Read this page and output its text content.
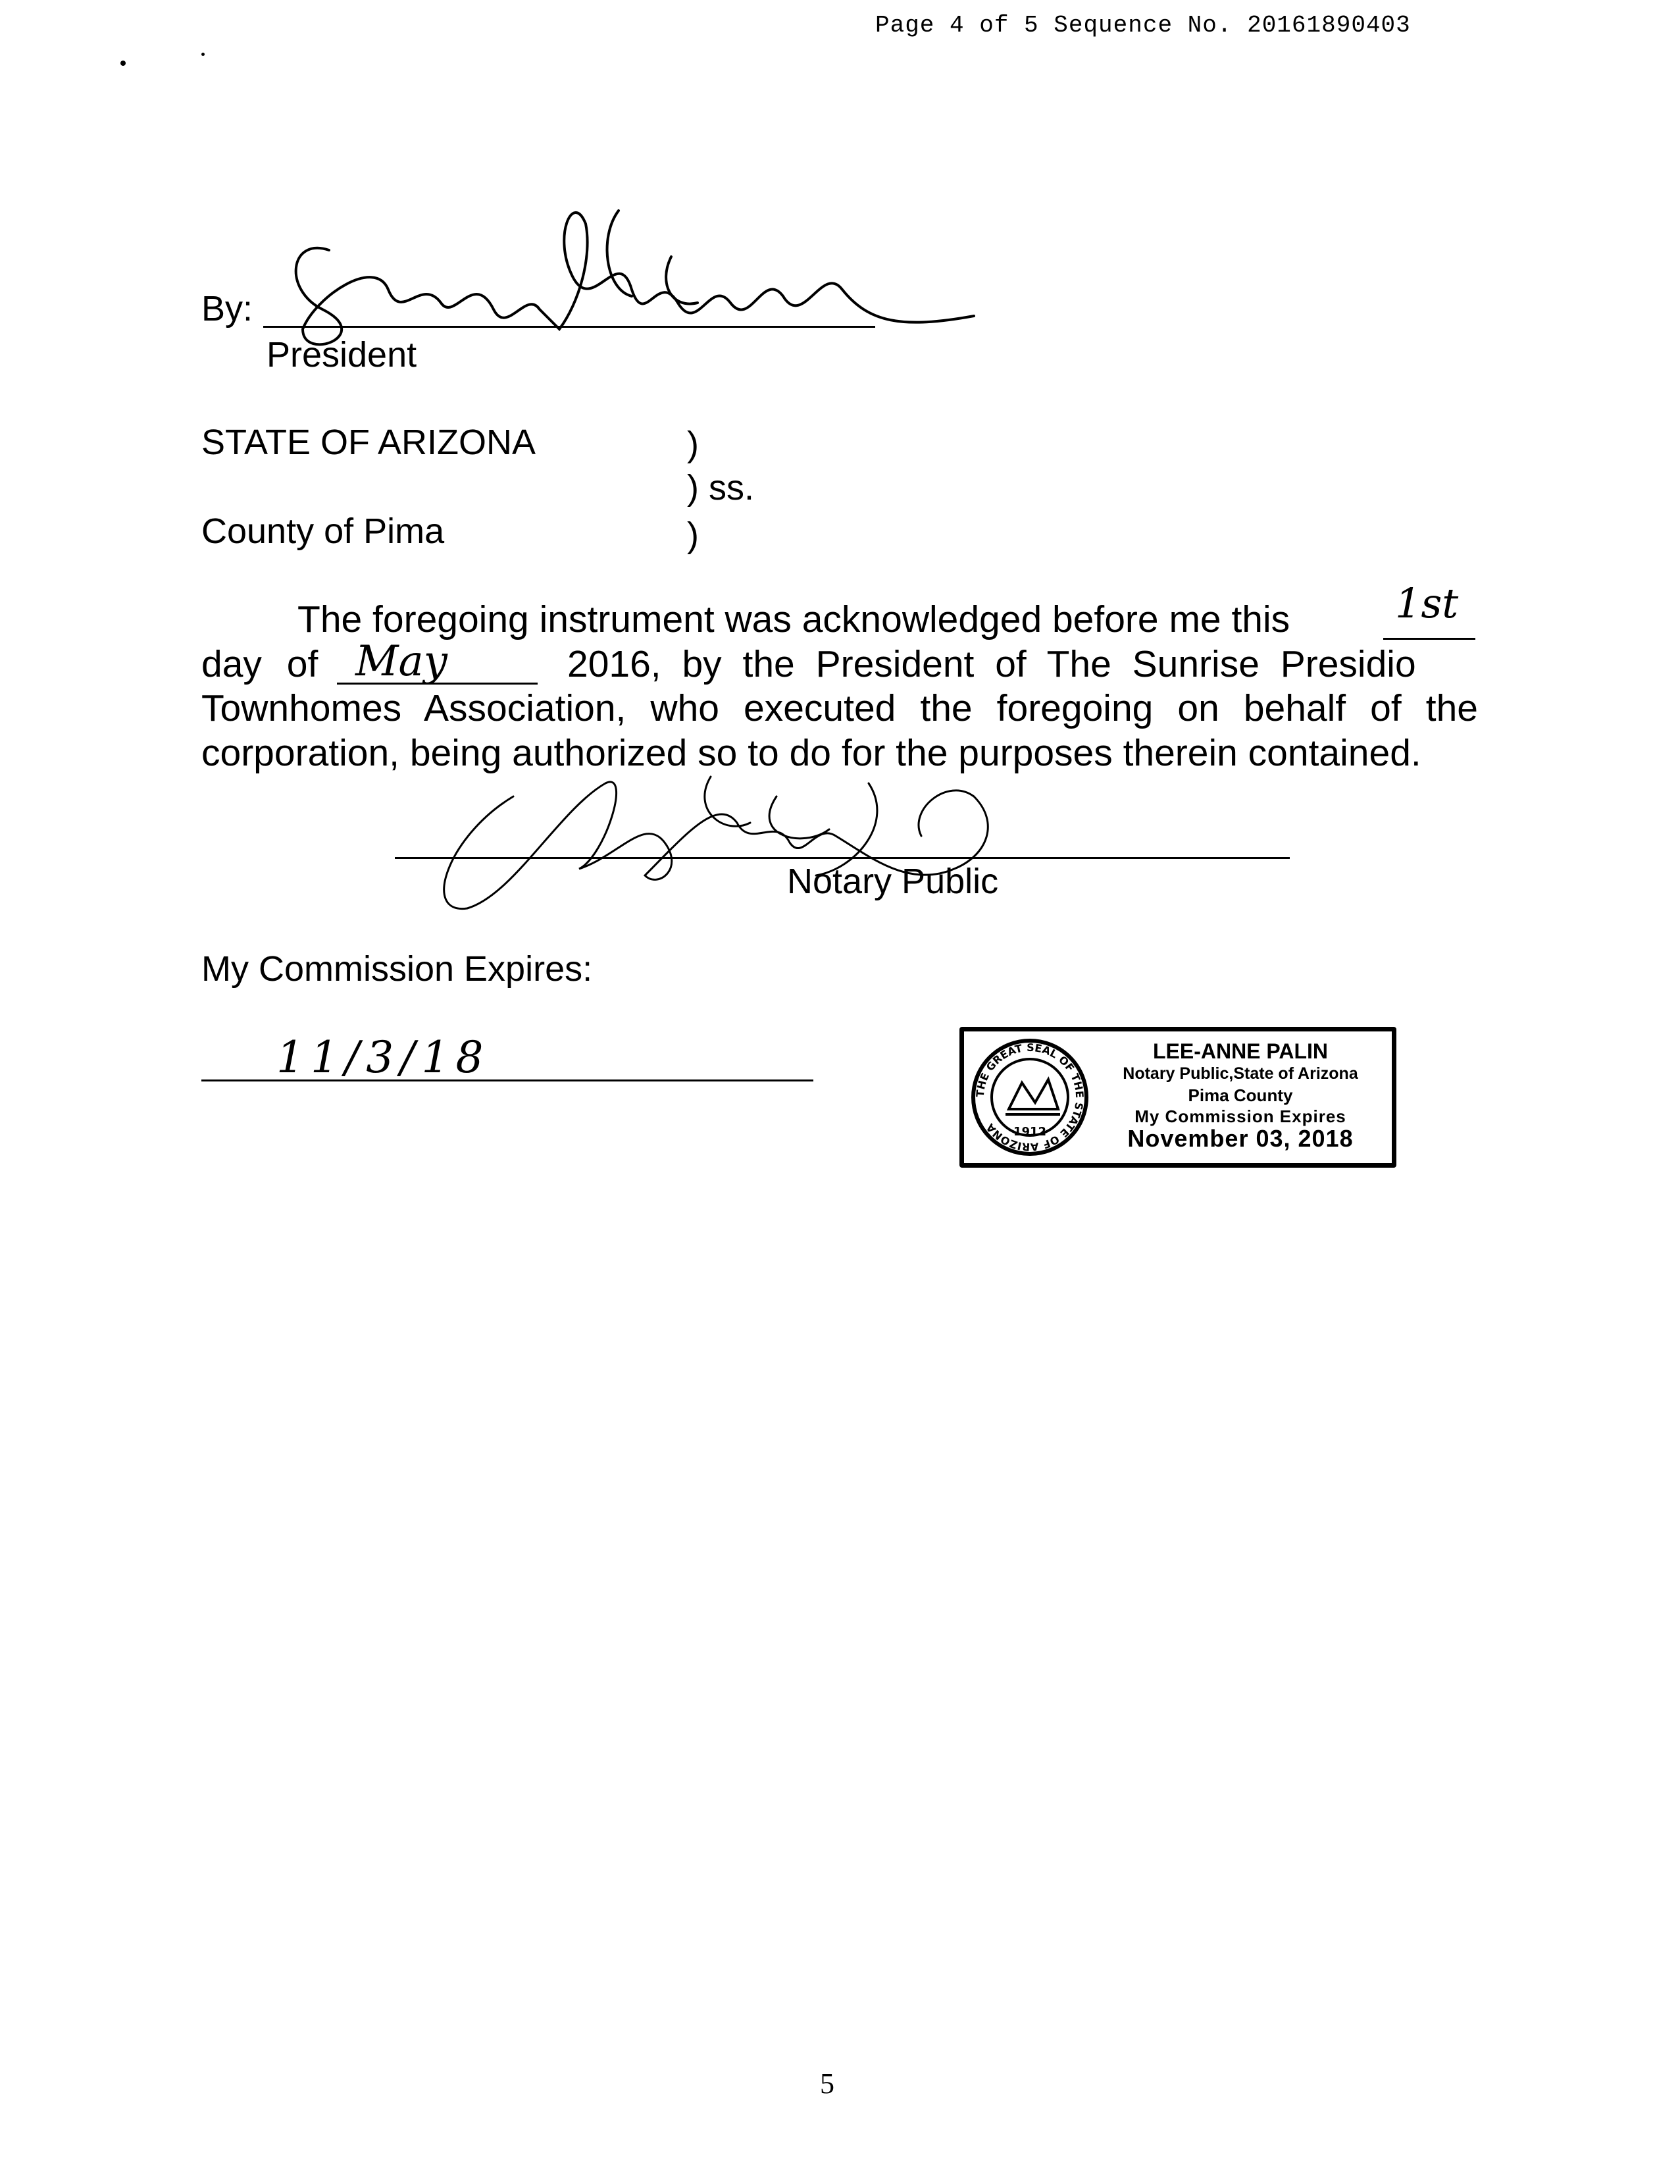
Page 4 of 5 Sequence No. 20161890403
By:
President
STATE OF ARIZONA	)
) ss.
County of Pima	)
The foregoing instrument was acknowledged before me this	1st
day of May	2016, by the President of The Sunrise Presidio
Townhomes Association, who executed the foregoing on behalf of the
corporation, being authorized so to do for the purposes therein contained.
Notary Public
My Commission Expires:
11/3/18
THE GREAT SEAL OF THE STATE OF ARIZONA	1912
LEE-ANNE PALIN
Notary Public,State of Arizona
Pima County
My Commission Expires
November 03, 2018
5
